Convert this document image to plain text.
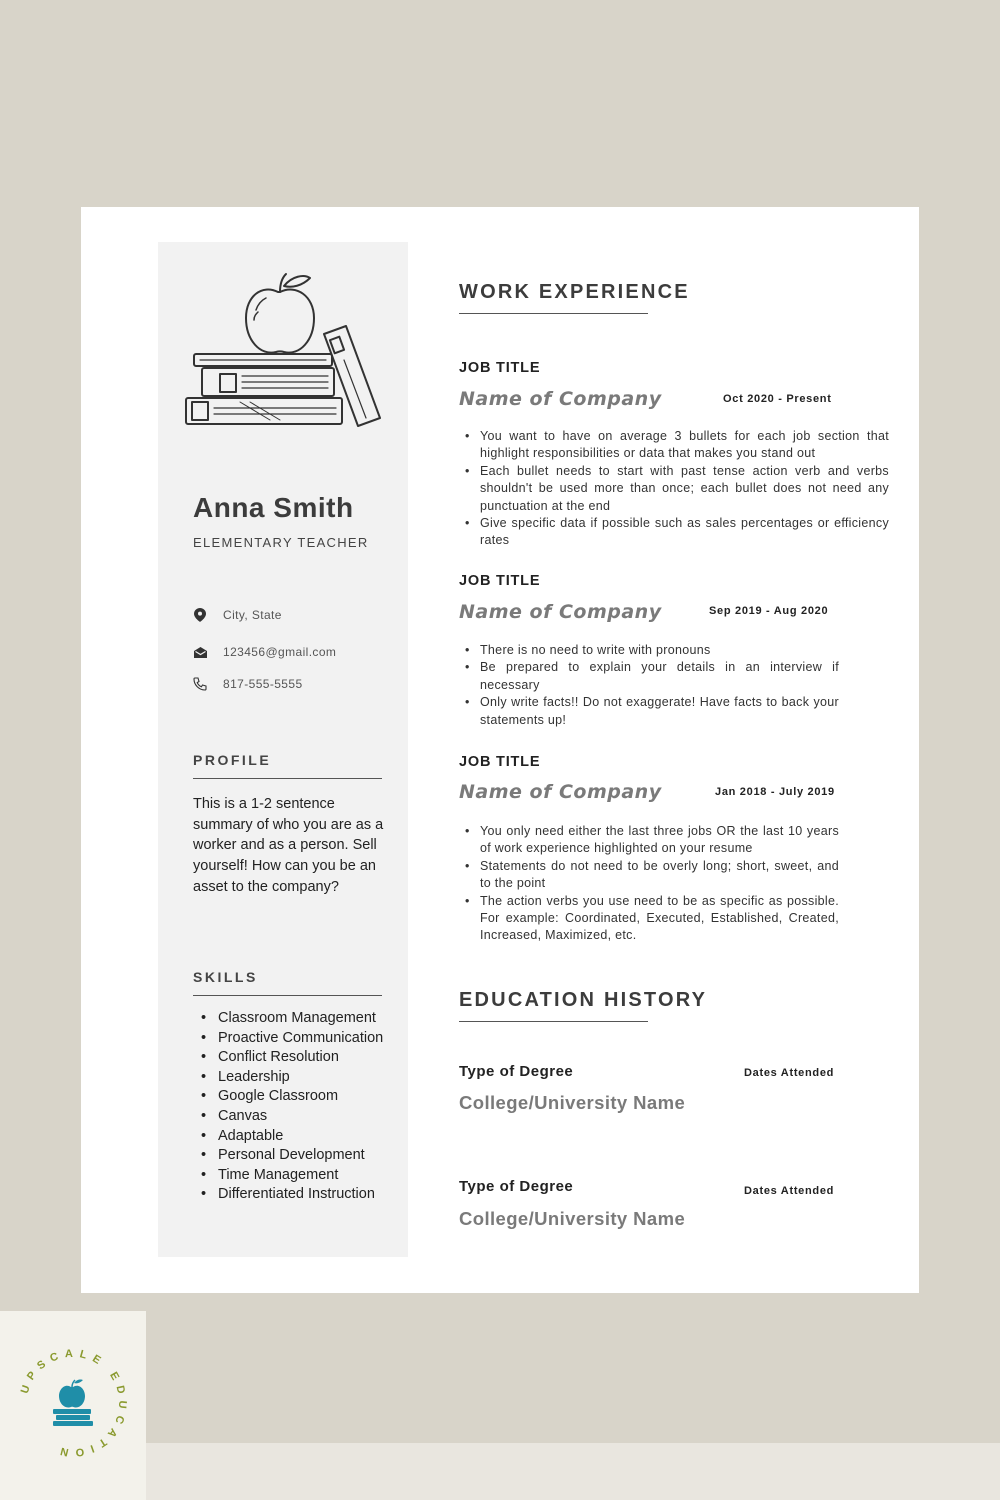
Anna Smith
ELEMENTARY TEACHER
City, State
123456@gmail.com
817-555-5555
PROFILE
This is a 1-2 sentence summary of who you are as a worker and as a person. Sell yourself! How can you be an asset to the company?
SKILLS
• Classroom Management
• Proactive Communication
• Conflict Resolution
• Leadership
• Google Classroom
• Canvas
• Adaptable
• Personal Development
• Time Management
• Differentiated Instruction
WORK EXPERIENCE
JOB TITLE
Name of Company	Oct 2020 - Present
• You want to have on average 3 bullets for each job section that highlight responsibilities or data that makes you stand out
• Each bullet needs to start with past tense action verb and verbs shouldn't be used more than once; each bullet does not need any punctuation at the end
• Give specific data if possible such as sales percentages or efficiency rates
JOB TITLE
Name of Company	Sep 2019 - Aug 2020
• There is no need to write with pronouns
• Be prepared to explain your details in an interview if necessary
• Only write facts!! Do not exaggerate! Have facts to back your statements up!
JOB TITLE
Name of Company	Jan 2018 - July 2019
• You only need either the last three jobs OR the last 10 years of work experience highlighted on your resume
• Statements do not need to be overly long; short, sweet, and to the point
• The action verbs you use need to be as specific as possible. For example: Coordinated, Executed, Established, Created, Increased, Maximized, etc.
EDUCATION HISTORY
Type of Degree	Dates Attended
College/University Name
Type of Degree	Dates Attended
College/University Name
UPSCALE EDUCATION
